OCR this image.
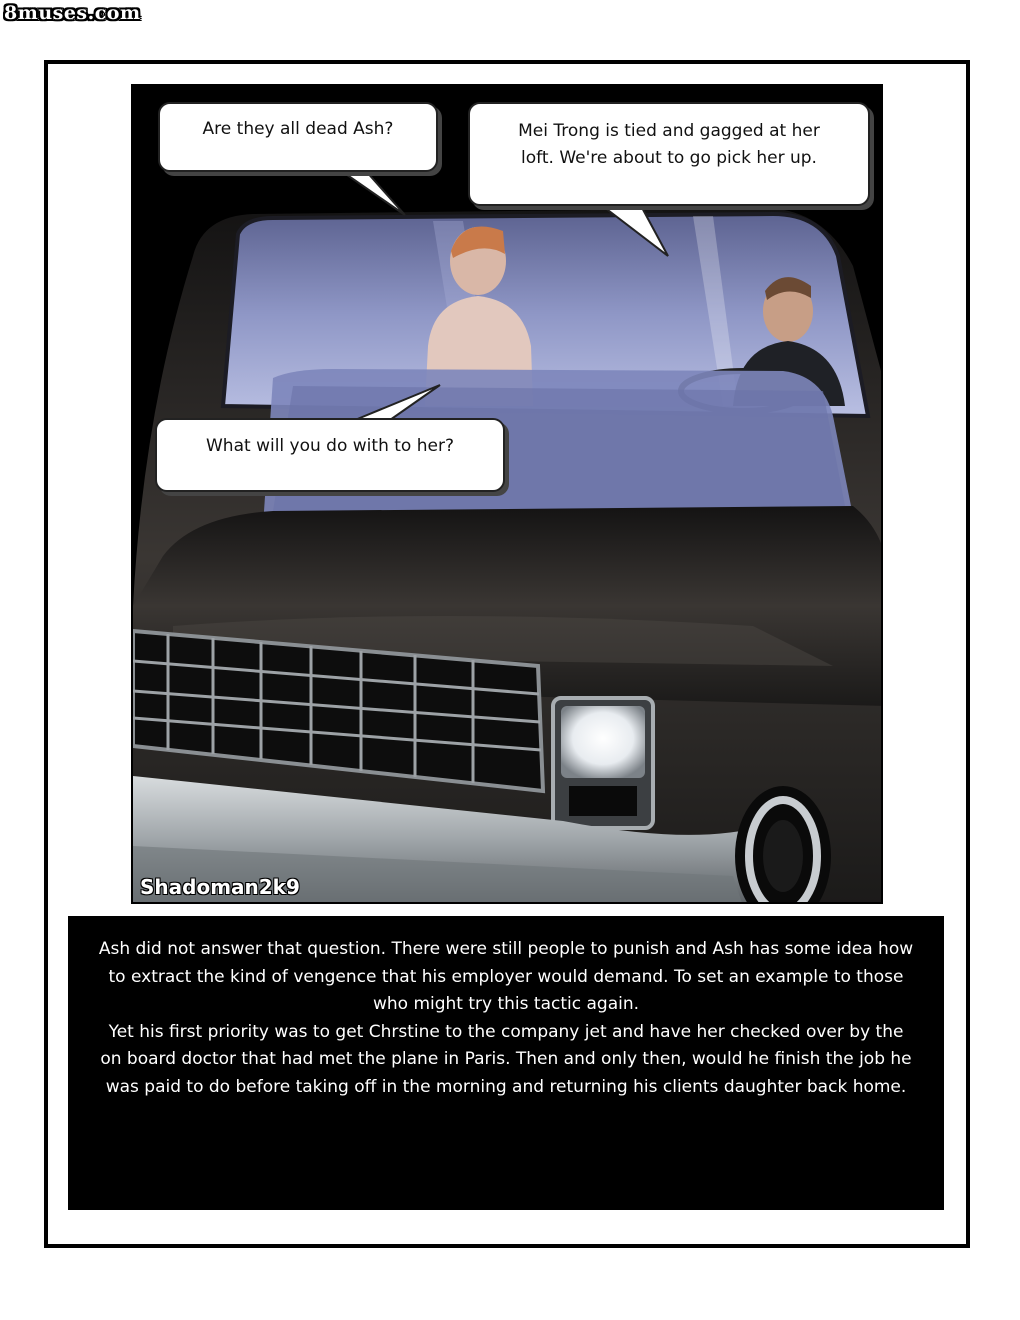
8muses.com
Are they all dead Ash?	Mei Trong is tied and gagged at her
loft. We're about to go pick her up.
What will you do with to her?
Shadoman2k9

Ash did not answer that question. There were still people to punish and Ash has some idea how to extract the kind of vengence that his employer would demand. To set an example to those who might try this tactic again.

Yet his first priority was to get Chrstine to the company jet and have her checked over by the on board doctor that had met the plane in Paris. Then and only then, would he finish the job he was paid to do before taking off in the morning and returning his clients daughter back home.
